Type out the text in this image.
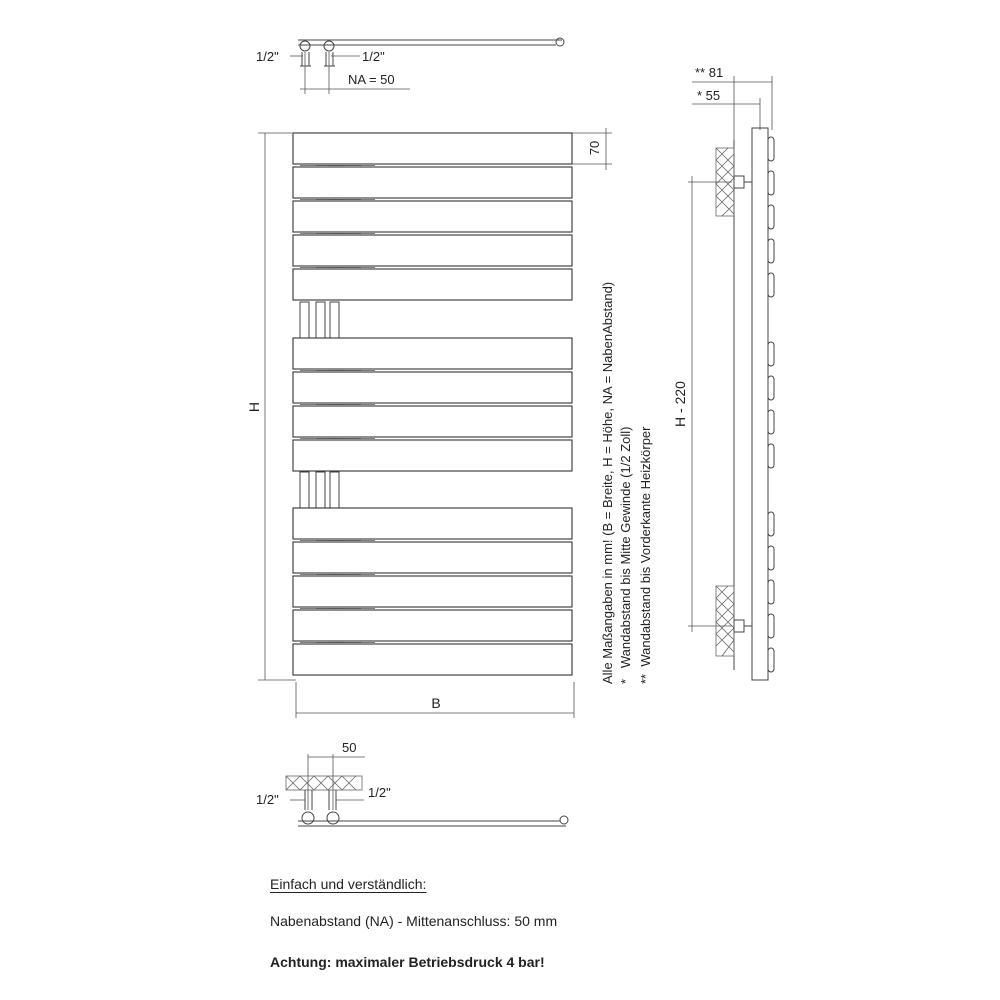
1/2"	1/2"
NA = 50
H
B
70
Alle Maßangaben in mm! (B = Breite, H = Höhe, NA = NabenAbstand) *   Wandabstand bis Mitte Gewinde (1/2 Zoll) **  Wandabstand bis Vorderkante Heizkörper
** 81
* 55
H - 220
50
1/2"	1/2"
Einfach und verständlich:
Nabenabstand (NA) - Mittenanschluss: 50 mm
Achtung: maximaler Betriebsdruck 4 bar!
